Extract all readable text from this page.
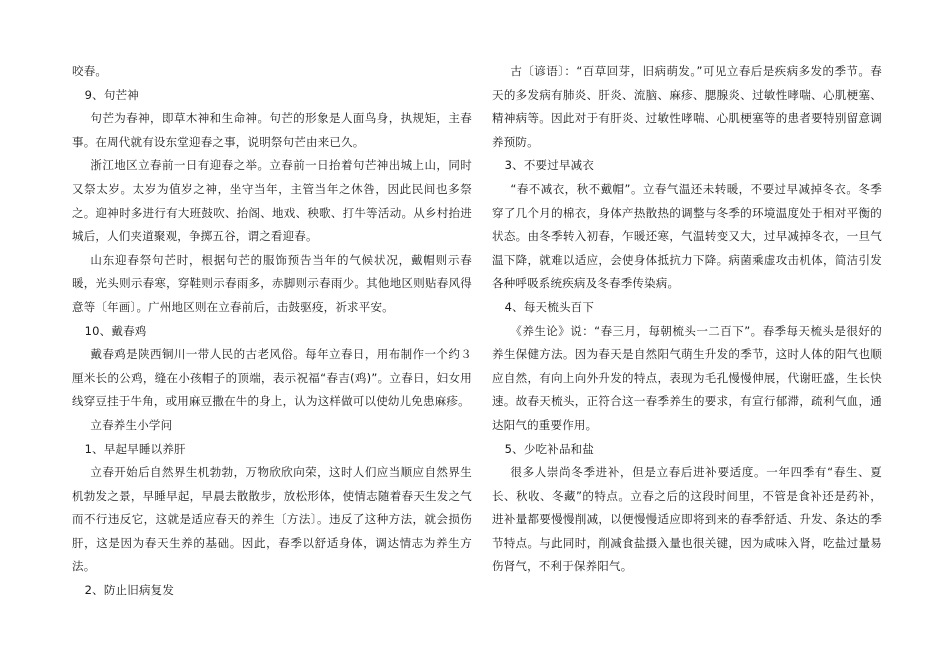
咬春。

9、句芒神

句芒为春神，即草木神和生命神。句芒的形象是人面鸟身，执规矩，主春事。在周代就有设东堂迎春之事，说明祭句芒由来已久。

浙江地区立春前一日有迎春之举。立春前一日抬着句芒神出城上山，同时又祭太岁。太岁为值岁之神，坐守当年，主管当年之休咎，因此民间也多祭之。迎神时多进行有大班鼓吹、抬阁、地戏、秧歌、打牛等活动。从乡村抬进城后，人们夹道聚观，争掷五谷，谓之看迎春。

山东迎春祭句芒时，根据句芒的服饰预告当年的气候状况，戴帽则示春暖，光头则示春寒，穿鞋则示春雨多，赤脚则示春雨少。其他地区则贴春风得意等〔年画〕。广州地区则在立春前后，击鼓驱疫，祈求平安。

10、戴春鸡

戴春鸡是陕西铜川一带人民的古老风俗。每年立春日，用布制作一个约３厘米长的公鸡，缝在小孩帽子的顶端，表示祝福“春吉(鸡)”。立春日，妇女用线穿豆挂于牛角，或用麻豆撒在牛的身上，认为这样做可以使幼儿免患麻疹。

立春养生小学问

1、早起早睡以养肝

立春开始后自然界生机勃勃，万物欣欣向荣，这时人们应当顺应自然界生机勃发之景，早睡早起，早晨去散散步，放松形体，使情志随着春天生发之气而不行违反它，这就是适应春天的养生〔方法〕。违反了这种方法，就会损伤肝，这是因为春天生养的基础。因此，春季以舒适身体，调达情志为养生方法。

2、防止旧病复发

古〔谚语〕：“百草回芽，旧病萌发。”可见立春后是疾病多发的季节。春天的多发病有肺炎、肝炎、流脑、麻疹、腮腺炎、过敏性哮喘、心肌梗塞、精神病等。因此对于有肝炎、过敏性哮喘、心肌梗塞等的患者要特别留意调养预防。

3、不要过早减衣

“春不减衣，秋不戴帽”。立春气温还未转暖，不要过早减掉冬衣。冬季穿了几个月的棉衣，身体产热散热的调整与冬季的环境温度处于相对平衡的状态。由冬季转入初春，乍暖还寒，气温转变又大，过早减掉冬衣，一旦气温下降，就难以适应，会使身体抵抗力下降。病菌乘虚攻击机体，简洁引发各种呼吸系统疾病及冬春季传染病。

4、每天梳头百下

《养生论》说：“春三月，每朝梳头一二百下”。春季每天梳头是很好的养生保健方法。因为春天是自然阳气萌生升发的季节，这时人体的阳气也顺应自然，有向上向外升发的特点，表现为毛孔慢慢伸展，代谢旺盛，生长快速。故春天梳头，正符合这一春季养生的要求，有宣行郁滞，疏利气血，通达阳气的重要作用。

5、少吃补品和盐

很多人崇尚冬季进补，但是立春后进补要适度。一年四季有“春生、夏长、秋收、冬藏”的特点。立春之后的这段时间里，不管是食补还是药补，进补量都要慢慢削减，以便慢慢适应即将到来的春季舒适、升发、条达的季节特点。与此同时，削减食盐摄入量也很关键，因为咸味入肾，吃盐过量易伤肾气，不利于保养阳气。
